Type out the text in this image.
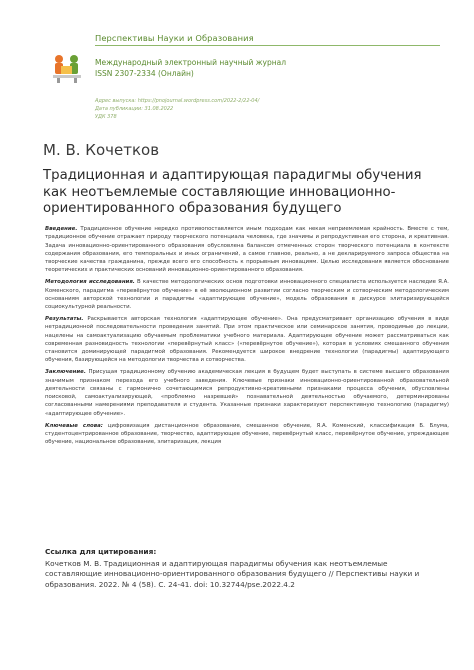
Перспективы Науки и Образования
Международный электронный научный журнал
ISSN 2307-2334 (Онлайн)
Адрес выпуска: https://pnojournal.wordpress.com/2022-2/22-04/
Дата публикации: 31.08.2022
УДК 378
М. В. Кочетков
Традиционная и адаптирующая парадигмы обучения как неотъемлемые составляющие инновационно-ориентированного образования будущего

Введение. Традиционное обучение нередко противопоставляется иным подходам как некая неприемлемая крайность. Вместе с тем, традиционное обучение отражает природу творческого потенциала человека, где значимы и репродуктивная его сторона, и креативная. Задача инновационно-ориентированного образования обусловлена балансом отмеченных сторон творческого потенциала в контексте содержания образования, его темпоральных и иных ограничений, а самое главное, реально, а не декларируемого запроса общества на творческие качества гражданина, прежде всего его способность к прорывным инновациям. Целью исследования является обоснование теоретических и практических оснований инновационно-ориентированного образования.

Методология исследования. В качестве методологических основ подготовки инновационного специалиста используется наследие Я.А. Коменского, парадигма «перевёрнутое обучение» в её эволюционном развитии согласно творческим и сотворческим методологическим основаниям авторской технологии и парадигмы «адаптирующее обучение», модель образования в дискурсе элитаризирующейся социокультурной реальности.

Результаты. Раскрывается авторская технология «адаптирующее обучение». Она предусматривает организацию обучения в виде нетрадиционной последовательности проведения занятий. При этом практическое или семинарское занятия, проводимые до лекции, нацелены на самоактуализацию обучаемым проблематики учебного материала. Адаптирующее обучение может рассматриваться как современная разновидность технологии «перевёрнутый класс» («перевёрнутое обучение»), которая в условиях смешанного обучения становится доминирующей парадигмой образования. Рекомендуется широкое внедрение технологии (парадигмы) адаптирующего обучения, базирующейся на методологии творчества и сотворчества.

Заключение. Присущая традиционному обучению академическая лекция в будущем будет выступать в системе высшего образования значимым признаком перехода его учебного заведения. Ключевые признаки инновационно-ориентированной образовательной деятельности связаны с гармонично сочетающимися репродуктивно-креативными признаками процесса обучения, обусловлены поисковой, самоактуализирующей, «проблемно назревшей» познавательной деятельностью обучаемого, детерминированы согласованными намерениями преподавателя и студента. Указанные признаки характеризуют перспективную технологию (парадигму) «адаптирующее обучение».

Ключевые слова: цифровизация дистанционное образование, смешанное обучение, Я.А. Коменский, классификация Б. Блума, студентоцентрированное образование, творчество, адаптирующее обучение, перевёрнутый класс, перевёрнутое обучение, упреждающее обучение, национальное образование, элитаризация, лекция

Ссылка для цитирования:
Кочетков М. В. Традиционная и адаптирующая парадигмы обучения как неотъемлемые составляющие инновационно-ориентированного образования будущего // Перспективы науки и образования. 2022. № 4 (58). С. 24-41. doi: 10.32744/pse.2022.4.2
